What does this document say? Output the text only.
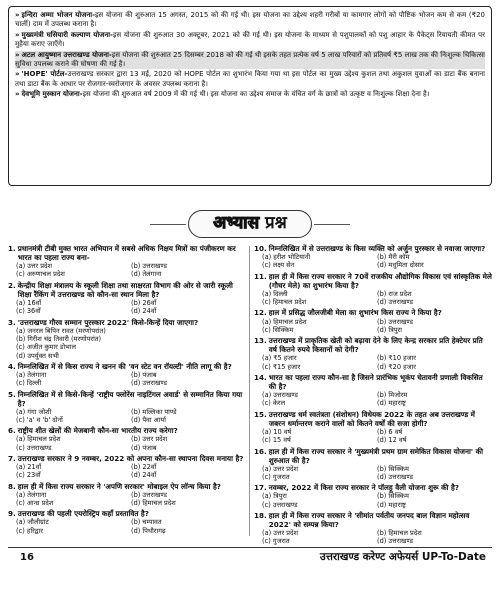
» इन्दिरा अम्मा भोजन योजना-इस योजना की शुरुआत 15 अगस्त, 2015 को की गई थी। इस योजना का उद्देश्य शहरी गरीबों या कामगार लोगों को पौष्टिक भोजन कम से कम (₹20 चालीं) दाम में उपलब्ध कराना है।
» मुख्यमंत्री घसियारी कल्याण योजना-इस योजना की शुरुआत 30 अक्टूबर, 2021 को की गई थी। इस योजना के माध्यम से पशुपालकों को पशु आहार के पैकेट्स रियायती कीमत पर मुहैया कराए जाएँगे।
» अटल आयुष्मान उत्तराखण्ड योजना-इस योजना की शुरुआत 25 दिसम्बर 2018 को की गई थी इसके तहत प्रत्येक वर्ष 5 लाख परिवारों को प्रतिवर्ष ₹5 लाख तक की निःशुल्क चिकित्सा सुविधा उपलब्ध कराने की घोषणा की गई है।
» 'HOPE' पोर्टल-उत्तराखण्ड सरकार द्वारा 13 मई, 2020 को HOPE पोर्टल का शुभारंभ किया गया था इस पोर्टल का मुख्य उद्देश्य कुशल तथा अकुशल युवाओं का डाटा बैंक बनाना तथा डाटा बैंक के आधार पर रोजगार-स्वरोजगार के अवसर उपलब्ध कराना है।
» देवभूमि मुस्कान योजना-इस योजना की शुरुआत वर्ष 2009 में की गई थी। इस योजना का उद्देश्य समाज के वंचित वर्ग के छात्रों को उत्कृष्ट व निःशुल्क शिक्षा देना है।
अभ्यास प्रश्न
1. प्रधानमंत्री टीबी मुक्त भारत अभियान में सबसे अधिक निक्षय मित्रों का पंजीकरण कर भारत का पहला राज्य बना-
(a) उत्तर प्रदेश	(b) उत्तराखण्ड
(c) अरुणाचल प्रदेश	(d) तेलंगाना
2. केन्द्रीय शिक्षा मंत्रालय के स्कूली शिक्षा तथा साक्षरता विभाग की ओर से जारी स्कूली शिक्षा रैंकिंग में उत्तराखण्ड को कौन-सा स्थान मिला है?
(a) 16वाँ	(b) 26वाँ
(c) 36वाँ	(d) 24वाँ
3. 'उत्तराखण्ड गौरव सम्मान पुरस्कार 2022' किसे-किन्हें दिया जाएगा?
(a) जनरल बिपिन रावत (मरणोपरांत)
(b) गिरीश चंद्र तिवारी (मरणोपरांत)
(c) अजीत कुमार डोभाल
(d) उपर्युक्त सभी
4. निम्नलिखित में से किस राज्य ने खनन की 'वन स्टेट वन रॉयल्टी' नीति लागू की है?
(a) तेलंगाना	(b) पंजाब
(c) दिल्ली	(d) उत्तराखण्ड
5. निम्नलिखित में से किसे-किन्हें 'राष्ट्रीय फ्लोरेंस नाइटिंगल अवार्ड' से सम्मानित किया गया है?
(a) गंगा जोशी	(b) मल्लिका पाण्डे
(c) 'a' व 'b' दोनों	(d) पैवा आर्या
6. राष्ट्रीय शीत खेलों की मेजबानी कौन-सा भारतीय राज्य करेगा?
(a) हिमाचल प्रदेश	(b) उत्तर प्रदेश
(c) उत्तराखण्ड	(d) पंजाब
7. उत्तराखण्ड सरकार ने 9 नवम्बर, 2022 को अपना कौन-सा स्थापना दिवस मनाया है?
(a) 21वाँ	(b) 22वाँ
(c) 23वाँ	(d) 24वाँ
8. हाल ही में किस राज्य सरकार ने 'अपणि सरकार' मोबाइल ऐप लॉन्च किया है?
(a) तेलंगाना	(b) उत्तराखण्ड
(c) आन्ध्र प्रदेश	(d) हिमाचल प्रदेश
9. उत्तराखण्ड की पहली एयरोस्ट्रिप कहाँ प्रस्तावित है?
(a) जौलीग्रांट	(b) चम्पावत
(c) हरिद्वार	(d) पिथौरागढ़
10. निम्नलिखित में से उत्तराखण्ड के किस व्यक्ति को अर्जुन पुरस्कार से नवाजा जाएगा?
(a) हरीश भोटियानी	(b) मैरी कॉम
(c) लक्ष्य सेन	(d) मधुमिता दोसार
11. हाल ही में किस राज्य सरकार ने 70वें राजकीय औद्योगिक विकास एवं सांस्कृतिक मेले (गौचर मेले) का शुभारंभ किया है?
(a) दिल्ली	(b) राज प्रदेश
(c) हिमाचल प्रदेश	(d) उत्तराखण्ड
12. हाल में प्रसिद्ध जौलजीबी मेला का शुभारंभ किस राज्य ने किया है?
(a) हिमाचल प्रदेश	(b) उत्तराखण्ड
(c) सिक्किम	(d) त्रिपुरा
13. उत्तराखण्ड में प्राकृतिक खेती को बढ़ावा देने के लिए केन्द्र सरकार प्रति हेक्टेयर प्रति वर्ष कितने रुपये किसानों को देगी?
(a) ₹5 हजार	(b) ₹10 हजार
(c) ₹15 हजार	(d) ₹20 हजार
14. भारत का पहला राज्य कौन-सा है जिसने प्रारंभिक भूकंप चेतावनी प्रणाली विकसित की है?
(a) उत्तराखण्ड	(b) मिजोरम
(c) केरल	(d) महाराष्ट्र
15. उत्तराखण्ड धर्म स्वतंत्रता (संशोधन) विधेयक 2022 के तहत अब उत्तराखण्ड में जबरन धर्मान्तरण कराने वालों को कितने वर्षों की सजा होगी?
(a) 10 वर्ष	(b) 6 वर्ष
(c) 15 वर्ष	(d) 12 वर्ष
16. हाल ही में किस राज्य सरकार ने 'मुख्यमंत्री प्रथम ग्राम समेकित विकास योजना' की शुरुआत की है?
(a) उत्तर प्रदेश	(b) सिक्किम
(c) गुजरात	(d) उत्तराखण्ड
17. नवम्बर, 2022 में किस राज्य सरकार ने पॉलहू वैली योजना शुरू की है?
(a) त्रिपुरा	(b) सिक्किम
(c) उत्तराखण्ड	(d) महाराष्ट्र
18. हाल ही में किस राज्य सरकार ने 'सीमांत पर्वतीय जनपद बाल विज्ञान महोत्सव 2022' को सम्पन्न किया?
(a) उत्तर प्रदेश	(b) हिमाचल प्रदेश
(c) गुजरात	(d) उत्तराखण्ड
16	उत्तराखण्ड करेण्ट अफेयर्स UP-To-Date
